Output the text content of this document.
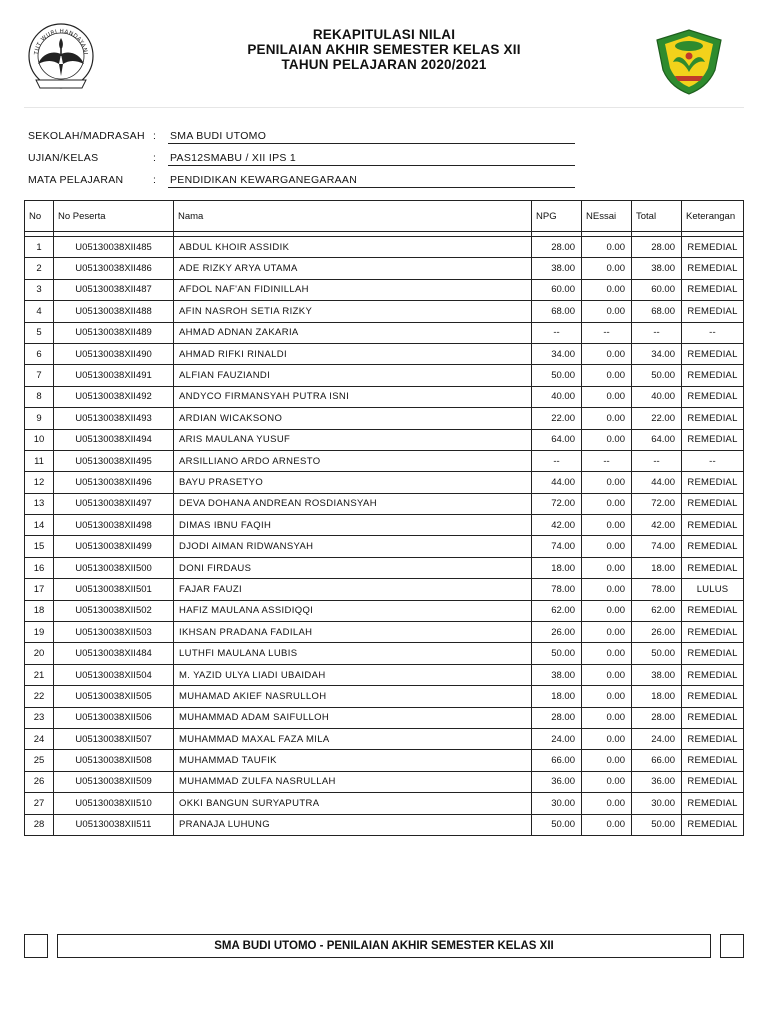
TUT WURI HANDAYANI
REKAPITULASI NILAI
PENILAIAN AKHIR SEMESTER KELAS XII
TAHUN PELAJARAN 2020/2021
SEKOLAH/MADRASAH : SMA BUDI UTOMO
UJIAN/KELAS	: PAS12SMABU / XII IPS 1
MATA PELAJARAN	: PENDIDIKAN KEWARGANEGARAAN
No	No Peserta	Nama	NPG	NEssai	Total	Keterangan

1	U05130038XII485	ABDUL KHOIR ASSIDIK	28.00	0.00	28.00	REMEDIAL
2	U05130038XII486	ADE RIZKY ARYA UTAMA	38.00	0.00	38.00	REMEDIAL
3	U05130038XII487	AFDOL NAF'AN FIDINILLAH	60.00	0.00	60.00	REMEDIAL
4	U05130038XII488	AFIN NASROH SETIA RIZKY	68.00	0.00	68.00	REMEDIAL
5	U05130038XII489	AHMAD ADNAN ZAKARIA	--	--	--	--
6	U05130038XII490	AHMAD RIFKI RINALDI	34.00	0.00	34.00	REMEDIAL
7	U05130038XII491	ALFIAN FAUZIANDI	50.00	0.00	50.00	REMEDIAL
8	U05130038XII492	ANDYCO FIRMANSYAH PUTRA ISNI	40.00	0.00	40.00	REMEDIAL
9	U05130038XII493	ARDIAN WICAKSONO	22.00	0.00	22.00	REMEDIAL
10	U05130038XII494	ARIS MAULANA YUSUF	64.00	0.00	64.00	REMEDIAL
11	U05130038XII495	ARSILLIANO ARDO ARNESTO	--	--	--	--
12	U05130038XII496	BAYU PRASETYO	44.00	0.00	44.00	REMEDIAL
13	U05130038XII497	DEVA DOHANA ANDREAN ROSDIANSYAH	72.00	0.00	72.00	REMEDIAL
14	U05130038XII498	DIMAS IBNU FAQIH	42.00	0.00	42.00	REMEDIAL
15	U05130038XII499	DJODI AIMAN RIDWANSYAH	74.00	0.00	74.00	REMEDIAL
16	U05130038XII500	DONI FIRDAUS	18.00	0.00	18.00	REMEDIAL
17	U05130038XII501	FAJAR FAUZI	78.00	0.00	78.00	LULUS
18	U05130038XII502	HAFIZ MAULANA ASSIDIQQI	62.00	0.00	62.00	REMEDIAL
19	U05130038XII503	IKHSAN PRADANA FADILAH	26.00	0.00	26.00	REMEDIAL
20	U05130038XII484	LUTHFI MAULANA LUBIS	50.00	0.00	50.00	REMEDIAL
21	U05130038XII504	M. YAZID ULYA LIADI UBAIDAH	38.00	0.00	38.00	REMEDIAL
22	U05130038XII505	MUHAMAD AKIEF NASRULLOH	18.00	0.00	18.00	REMEDIAL
23	U05130038XII506	MUHAMMAD ADAM SAIFULLOH	28.00	0.00	28.00	REMEDIAL
24	U05130038XII507	MUHAMMAD MAXAL FAZA MILA	24.00	0.00	24.00	REMEDIAL
25	U05130038XII508	MUHAMMAD TAUFIK	66.00	0.00	66.00	REMEDIAL
26	U05130038XII509	MUHAMMAD ZULFA NASRULLAH	36.00	0.00	36.00	REMEDIAL
27	U05130038XII510	OKKI BANGUN SURYAPUTRA	30.00	0.00	30.00	REMEDIAL
28	U05130038XII511	PRANAJA LUHUNG	50.00	0.00	50.00	REMEDIAL
SMA BUDI UTOMO - PENILAIAN AKHIR SEMESTER KELAS XII
